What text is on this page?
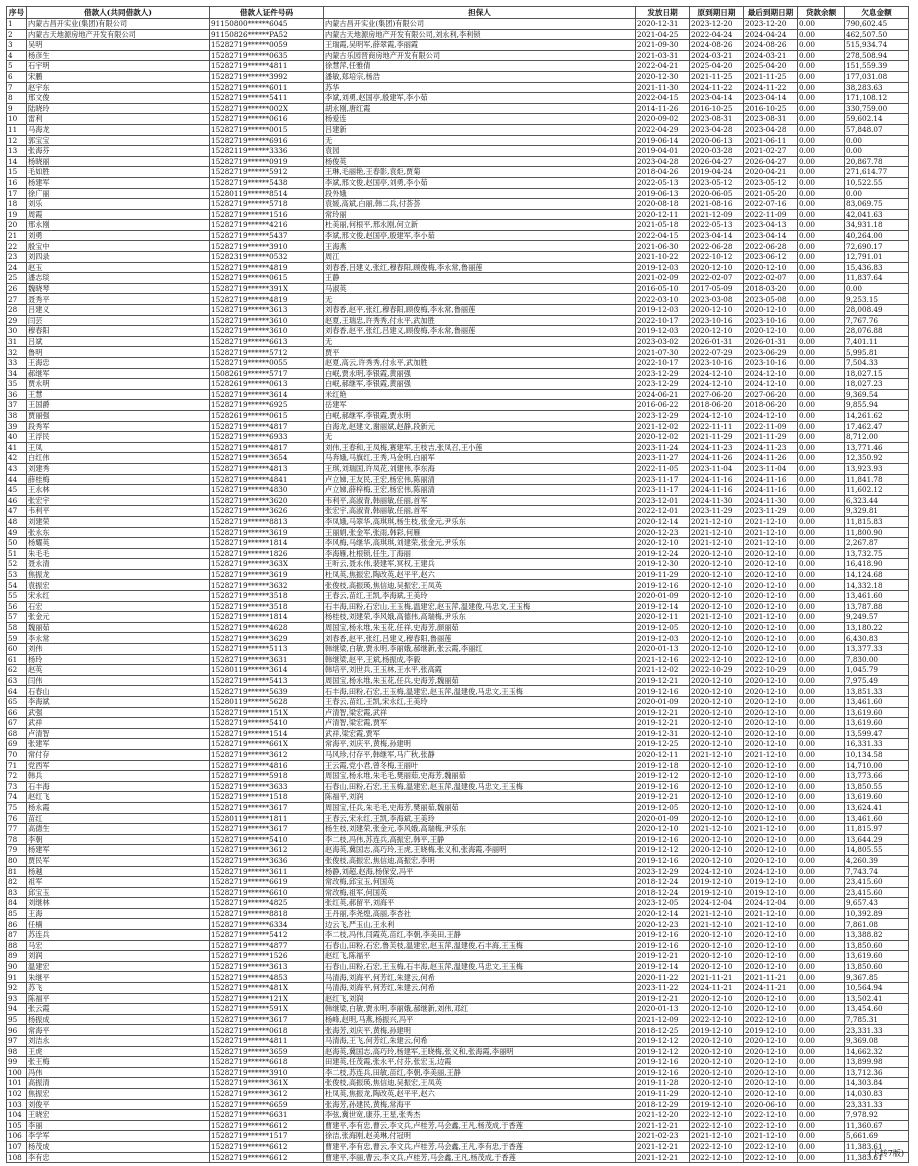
序号	借款人(共同借款人)	借款人证件号码	担保人	发放日期	原到期日期	最后到期日期	贷款余额	欠息金额
1	内蒙古昌开实业(集团)有限公司	91150800******6045	内蒙古昌开实业(集团)有限公司	2020-12-31	2023-12-20	2023-12-20	0.00	790,602.45
2	内蒙古天地源房地产开发有限公司	91150826******PA52	内蒙古天地源房地产开发有限公司,刘永利,李利锁	2021-04-25	2022-04-24	2024-04-24	0.00	462,507.50
3	吴明	15282719******0059	王瑞霞,吴明军,薛翠霞,李丽霞	2021-09-30	2024-08-26	2024-08-26	0.00	515,934.74
4	杨彦生	15282719******0635	内蒙古乐园晋商房地产开发有限公司	2021-03-31	2024-03-21	2024-03-21	0.00	278,508.94
5	石宇明	15282719******4811	徐慧萍,任雅倩	2022-04-21	2025-04-20	2025-04-20	0.00	151,559.39
6	宋鹏	15282719******3992	潘敏,郑培宗,杨浩	2020-12-30	2021-11-25	2021-11-25	0.00	177,031.08
7	赵宇东	15282719******6011	苏华	2021-11-30	2024-11-22	2024-11-22	0.00	38,283.63
8	邢文俊	15282719******5411	李斌,刘勇,赵国亭,殷建军,李小茹	2022-04-15	2023-04-14	2023-04-14	0.00	171,108.12
9	陆晓玲	15282719******002X	胡永刚,唐红霞	2014-11-26	2016-10-25	2016-10-25	0.00	330,759.00
10	雷利	15282719******0616	杨爱连	2020-09-02	2023-08-31	2023-08-31	0.00	59,602.14
11	马海龙	15282719******0015	吕建新	2022-04-29	2023-04-28	2023-04-28	0.00	57,848.07
12	郭宝宝	15282719******6916	无	2019-06-14	2020-06-13	2021-06-11	0.00	0.00
13	张海芬	15282119******3336	袁园	2019-04-01	2020-03-28	2021-02-27	0.00	0.00
14	杨晓丽	15282719******0919	杨俊英	2023-04-28	2026-04-27	2026-04-27	0.00	20,867.78
15	毛如胜	15282719******5912	王琳,毛丽艳,王春影,袁炬,贾菊	2018-04-26	2019-04-24	2020-04-21	0.00	271,614.77
16	杨建军	15282719******5438	李斌,邢文俊,赵国亭,刘勇,李小茹	2022-05-13	2023-05-12	2023-05-12	0.00	10,522.55
17	徐广丽	15280119******8514	段外娥	2019-06-13	2020-06-05	2021-05-20	0.00	0.00
18	刘乐	15282719******5718	袁媛,高斌,白丽,韩二兵,付荟荟	2020-08-18	2021-08-16	2022-07-16	0.00	83,069.75
19	周霞	15282719******1516	常玲丽	2020-12-11	2021-12-09	2022-11-09	0.00	42,041.63
20	邢永刚	15282719******4216	杜美丽,何根平,邢永刚,何立新	2021-05-18	2022-05-13	2023-04-13	0.00	34,931.18
21	刘勇	15282719******5437	李斌,邢文俊,赵国亭,殷建军,李小茹	2022-04-15	2023-04-14	2023-04-14	0.00	40,264.00
22	殷宝中	15282719******3910	王海燕	2021-06-30	2022-06-28	2022-06-28	0.00	72,690.17
23	刘四录	15282319******0532	周江	2021-10-22	2022-10-12	2023-06-12	0.00	12,791.01
24	赵玉	15282719******4819	刘春香,吕建义,张红,穆春阳,顾俊梅,李永常,鲁丽莲	2019-12-03	2020-12-10	2020-12-10	0.00	15,436.83
25	潘志琰	15282719******0615	王静	2021-02-09	2022-02-07	2022-02-07	0.00	11,837.64
26	魏晓琴	15282719******391X	马淑英	2016-05-10	2017-05-09	2018-03-20	0.00	0.00
27	聂秀平	15282719******4819	无	2022-03-10	2023-03-08	2023-05-08	0.00	9,253.15
28	吕建义	15282719******3613	刘春香,赵平,张红,穆春阳,顾俊梅,李永常,鲁丽莲	2019-12-03	2020-12-10	2020-12-10	0.00	28,008.49
29	闫芸	15282719******3610	赵夏,王瑞忠,许秀秀,付永平,武加胜	2022-10-17	2023-10-16	2023-10-16	0.00	7,767.76
30	穆春阳	15282719******3610	刘春香,赵平,张红,吕建义,顾俊梅,李永常,鲁丽莲	2019-12-03	2020-12-10	2020-12-10	0.00	28,076.88
31	吕斌	15282719******6613	无	2023-03-02	2026-01-31	2026-01-31	0.00	7,401.11
32	鲁明	15282719******5712	贾平	2021-07-30	2022-07-29	2023-06-29	0.00	5,995.81
33	王海忠	15282719******0055	赵夏,高云,许秀秀,付永平,武加胜	2022-10-17	2023-10-16	2023-10-16	0.00	7,504.33
34	郝继军	15082619******5717	白岷,贾永明,李银霞,黄丽强	2023-12-29	2024-12-10	2024-12-10	0.00	18,027.15
35	贾永明	15282619******0613	白岷,郝继军,李银霞,黄丽强	2023-12-29	2024-12-10	2024-12-10	0.00	18,027.23
36	王慧	15282719******3614	米红艳	2024-06-21	2027-06-20	2027-06-20	0.00	9,369.54
37	王国爵	15282719******6925	岳建军	2016-06-22	2018-06-20	2018-06-20	0.00	9,855.94
38	贾丽强	15282619******0615	白岷,郝继军,李银霞,贾永明	2023-12-29	2024-12-10	2024-12-10	0.00	14,261.62
39	段秀军	15282719******4817	白海龙,赵建文,谢丽斌,赵静,段新元	2021-12-02	2022-11-11	2022-11-09	0.00	17,462.47
40	王浮民	15282719******6933	无	2020-12-02	2021-11-29	2021-11-29	0.00	8,712.00
41	王凤	15282719******4817	刘伟,王春和,王凤梅,赛建军,王枝吉,张凤召,王小莲	2023-11-24	2024-11-23	2024-11-23	0.00	13,771.46
42	白红伟	15282719******3654	马奔娥,马旗红,王秀,马金明,白丽军	2023-11-27	2024-11-26	2024-11-26	0.00	12,350.92
43	刘建秀	15282719******4813	王琪,刘瑞国,许凤花,刘建伟,李东海	2022-11-05	2023-11-04	2023-11-04	0.00	13,923.93
44	薛桂梅	15282719******4841	卢立娣,王友民,王宏,杨宏伟,陈丽清	2023-11-17	2024-11-16	2024-11-16	0.00	11,841.78
45	王永林	15282719******4830	卢立娣,薛梓梅,王宏,杨宏伟,陈丽清	2023-11-17	2024-11-16	2024-11-16	0.00	11,602.12
46	张宏宇	15282719******3620	韦利平,高淑青,韩丽敏,任丽,首军	2023-12-01	2024-11-30	2024-11-30	0.00	6,323.44
47	韦利平	15282719******3626	张宏宇,高淑青,韩丽敏,任丽,首军	2022-12-01	2023-11-29	2023-11-29	0.00	9,329.81
48	刘建荣	15282719******8813	李凤娥,马翠华,高琪琪,杨生枝,张金元,尹乐东	2020-12-14	2021-12-10	2021-12-10	0.00	11,815.83
49	张永东	15282719******3619	王丽娟,张金军,张雨,韩彩,何雁	2020-12-23	2021-12-10	2021-12-10	0.00	11,800.90
50	杨耀英	15282719******1814	李风梅,马继华,高琪琪,刘建荣,张金元,尹乐东	2020-12-10	2021-12-10	2021-12-10	0.00	2,267.87
51	朱毛毛	15282719******1826	李海雁,杜根锁,任生,丁海丽	2019-12-24	2020-12-10	2020-12-10	0.00	13,732.75
52	聂永清	15282719******363X	王听云,聂永伟,裴建军,冥权,王建兵	2019-12-30	2020-12-10	2020-12-10	0.00	16,418.90
53	焦振龙	15282719******3619	杜凤英,焦振宏,陶改英,赵平平,赵六	2019-11-29	2020-12-10	2020-12-10	0.00	14,124.68
54	袁振宏	15282719******3632	张俊枝,高振瑛,焦信迪,吴振宏,王凤英	2019-12-16	2020-12-10	2020-12-10	0.00	14,332.18
55	宋永红	15282719******3518	王春云,苗红,王凯,李海斌,王美玲	2020-01-09	2020-12-10	2020-12-10	0.00	13,461.60
56	石宏	15282719******3518	石丰海,田粉,石宏山,王玉梅,温建宏,赵玉萍,温建俊,马忠文,王玉梅	2019-12-14	2020-12-10	2020-12-10	0.00	13,787.88
57	张金元	15282719******1814	杨桂枝,刘建荣,李风娥,高德伟,高瑞梅,尹乐东	2020-12-11	2021-12-10	2021-12-10	0.00	9,249.57
58	魏丽茹	15282719******4628	周国宝,杨永堆,朱玉花,任祥,史海芳,颜丽茹	2019-12-05	2020-12-10	2020-12-10	0.00	13,180.22
59	李永常	15282719******3629	刘春香,赵平,张红,吕建义,穆春阳,鲁丽莲	2019-12-03	2020-12-10	2020-12-10	0.00	6,430.83
60	刘伟	15282719******5113	韩继梁,白敏,贾永明,李丽娥,郝继新,张云霞,李丽红	2020-01-13	2020-12-10	2020-12-10	0.00	13,377.33
61	杨玲	15282719******3631	韩继梁,赵平,王斌,杨振成,李毅	2021-12-16	2022-12-10	2022-12-10	0.00	7,830.00
62	赵英	15280119******3614	韩培平,刘世兵,王玉林,王水平,张高霞	2021-12-02	2022-10-29	2022-10-29	0.00	1,045.79
63	闫伟	15282719******5413	周国宝,杨永堆,朱玉花,任兵,史海芳,魏丽茹	2019-12-21	2020-12-10	2020-12-10	0.00	7,975.49
64	石春山	15282719******5639	石丰海,田粉,石宏,王玉梅,温建宏,赵玉萍,温建俊,马忠文,王玉梅	2019-12-16	2020-12-10	2020-12-10	0.00	13,851.33
65	李海斌	15280119******5628	王春云,苗红,王凯,宋永红,王美玲	2020-01-09	2020-12-10	2020-12-10	0.00	13,461.60
66	武强	15282719******151X	卢清智,梁宏霞,武祥	2019-12-21	2020-12-10	2020-12-10	0.00	13,619.60
67	武祥	15282719******5410	卢清智,梁宏霞,贾军	2019-12-21	2020-12-10	2020-12-10	0.00	13,619.60
68	卢清智	15282719******1514	武祥,梁宏霞,贾军	2019-12-31	2020-12-10	2020-12-10	0.00	13,599.47
69	张建军	15282719******661X	常海平,刘庆平,黄梅,孙建明	2019-12-25	2020-12-10	2020-12-10	0.00	16,331.33
70	常付存	15282719******3612	马风珍,付存平,韩继军,马广秋,张静	2020-12-11	2021-12-10	2021-12-10	0.00	10,134.58
71	党西军	15282719******4816	王云霞,党小君,曾冬梅,王丽叶	2019-12-18	2020-12-10	2020-12-10	0.00	14,710.00
72	韩兵	15282719******5918	周国宝,杨永堆,朱毛毛,樊丽茹,史海芳,魏丽茹	2019-12-12	2020-12-10	2020-12-10	0.00	13,773.66
73	石丰海	15282719******3633	石春山,田粉,石宏,王玉梅,温建宏,赵玉萍,温建俊,马忠文,王玉梅	2019-12-16	2020-12-10	2020-12-10	0.00	13,850.55
74	赵红飞	15282719******1518	陈福平,刘润	2019-12-21	2020-12-10	2020-12-10	0.00	13,619.60
75	杨永霞	15282719******3617	周国宝,任兵,朱毛毛,史海芳,樊丽茹,魏丽茹	2019-12-05	2020-12-10	2020-12-10	0.00	13,624.41
76	苗红	15280119******1811	王春云,宋永红,王凯,李海斌,王美玲	2020-01-09	2020-12-10	2020-12-10	0.00	13,461.60
77	高德生	15282719******3617	杨生枝,刘建荣,张金元,李风娥,高瑞梅,尹乐东	2020-12-10	2021-12-10	2021-12-10	0.00	11,815.97
78	李朝	15282719******5410	李二枝,冯伟,苏连兵,高振宏,韩平,王静	2019-12-16	2020-12-10	2020-12-10	0.00	13,644.29
79	杨建军	15282719******3612	赵海英,冀国志,高巧玲,王虎,王晓梅,张义和,张海霞,李丽明	2019-12-12	2020-12-10	2020-12-10	0.00	14,805.55
80	贾民军	15282719******3636	张俊枝,高振宏,焦信迪,高振宏,李明	2019-12-16	2020-12-10	2020-12-10	0.00	4,260.39
81	杨越	15282719******3611	杨静,刘超,赵海,杨保安,冯平	2023-12-29	2024-12-10	2024-12-10	0.00	7,743.74
82	祖军	15282719******6619	常改梅,邱宝玉,何国英	2018-12-24	2019-12-10	2019-12-10	0.00	23,415.60
83	邱宝玉	15282719******6610	常改梅,祖军,何国英	2018-12-24	2019-12-10	2019-12-10	0.00	23,415.60
84	刘继林	15282719******4825	张红英,郝留平,刘海平	2023-12-05	2024-12-04	2024-12-04	0.00	9,657.43
85	王海	15282719******8818	王丹丽,李尧煌,高丽,李杏社	2020-12-14	2021-12-10	2021-12-10	0.00	10,392.89
86	任楠	15282719******6334	边云飞,严玉山,王永利	2020-12-23	2021-12-10	2021-12-10	0.00	7,861.08
87	苏连兵	15282719******5412	李二枝,冯伟,闫霞英,苗红,李朝,李美田,王静	2019-12-16	2020-12-10	2020-12-10	0.00	13,388.82
88	马宏	15282719******4877	石春山,田粉,石宏,鲁芙枝,温建宏,赵玉萍,温建俊,石丰海,王玉梅	2019-12-16	2020-12-10	2020-12-10	0.00	13,850.60
89	刘润	15282719******1526	赵红飞,陈福平	2019-12-21	2020-12-10	2020-12-10	0.00	13,619.60
90	温建宏	15282719******3613	石春山,田粉,石宏,王玉梅,石丰海,赵玉萍,温建俊,马忠文,王玉梅	2019-12-14	2020-12-10	2020-12-10	0.00	13,850.60
91	朱继平	15282719******4853	马清海,刘海平,何芳红,朱建云,何希	2020-11-22	2021-11-21	2021-11-21	0.00	9,367.85
92	苏飞	15282719******481X	马清海,刘海平,何芳红,朱建云,何希	2023-11-22	2024-11-21	2024-11-21	0.00	10,564.94
93	陈福平	15282719******121X	赵红飞,刘润	2019-12-21	2020-12-10	2020-12-10	0.00	13,502.41
94	张云霞	15282719******591X	韩继梁,白敏,贾永明,李丽娥,郝继新,刘伟,邓红	2020-01-13	2020-12-10	2020-12-10	0.00	13,454.60
95	杨振成	15282719******3617	杨峰,赵明,马燕,杨振兴,冯平	2021-12-09	2022-12-10	2022-12-10	0.00	7,785.31
96	常海平	15282719******0618	张海芳,刘庆平,黄梅,孙建明	2018-12-25	2019-12-10	2019-12-10	0.00	23,331.33
97	刘洁永	15282719******4811	马清海,王飞,何芳红,朱建云,何希	2019-12-12	2020-12-10	2020-12-10	0.00	9,369.08
98	王虎	15282719******3659	赵海英,冀国志,高巧玲,杨建军,王晓梅,张义和,张海霞,李丽明	2019-12-12	2020-12-10	2020-12-10	0.00	14,662.32
99	张王梅	15282719******6618	田建英,任茂霞,张永平,付芬,张宏玉,边霞	2019-12-16	2020-12-10	2020-12-10	0.00	13,899.98
100	冯伟	15282719******3910	李二枝,苏连兵,田敏,苗红,李朝,李美丽,王静	2019-12-16	2020-12-10	2020-12-10	0.00	13,712.36
101	高振清	15282719******361X	张俊枝,高振瑛,焦信迪,吴振宏,王凤英	2019-11-28	2020-12-10	2020-12-10	0.00	14,303.84
102	焦振宏	15282719******3612	杜凤英,焦振龙,陶改英,赵平平,赵六	2019-11-29	2020-12-10	2020-12-10	0.00	14,030.83
103	刘俊平	15282719******6659	张海芳,孙建民,黄梅,常海平	2018-12-29	2019-12-10	2020-06-10	0.00	23,331.33
104	王晓宏	15282719******6631	李弦,冀世宽,康芬,王星,张秀杰	2021-12-20	2022-12-10	2022-12-10	0.00	7,978.92
105	李丽	15282719******6612	曹建平,李有忠,曹云,李文兵,卢桂芳,马会鑫,王凡,杨茂成,于香莲	2021-12-21	2022-12-10	2022-12-10	0.00	11,360.67
106	李学军	15282719******1517	徐洁,张海刚,赵美琳,付冠明	2021-02-23	2021-12-10	2021-12-10	0.00	5,661.69
107	杨茂成	15282719******6612	曹建平,李有忠,曹云,李文兵,卢桂芳,马会鑫,王凡,李有忠,于香莲	2021-12-21	2022-12-10	2022-12-10	0.00	11,383.61
108	李有忠	15282719******6612	曹建平,李丽,曹云,李文兵,卢桂芳,马会鑫,王凡,杨茂成,于香莲	2021-12-21	2022-12-10	2022-12-10	0.00	11,383.61
(下转7版)
